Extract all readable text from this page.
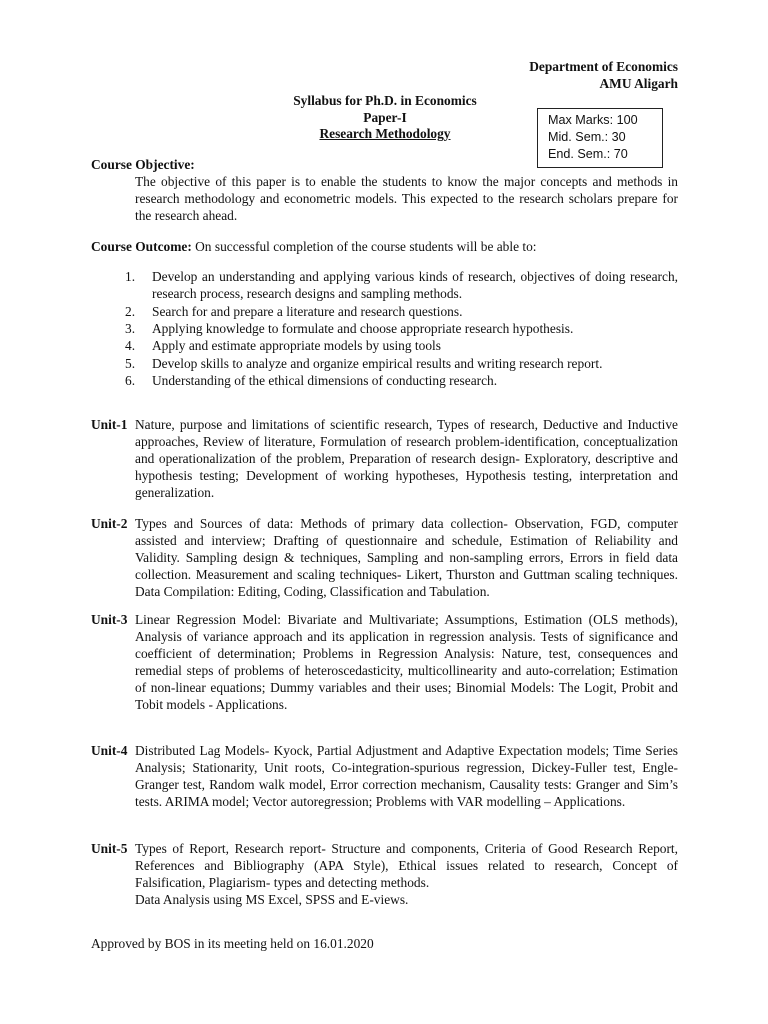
Department of Economics
AMU Aligarh
Syllabus for Ph.D. in Economics
Paper-I
Research Methodology
Max Marks: 100
Mid. Sem.: 30
End. Sem.: 70
Course Objective:
The objective of this paper is to enable the students to know the major concepts and methods in research methodology and econometric models. This expected to the research scholars prepare for the research ahead.
Course Outcome: On successful completion of the course students will be able to:
1.	Develop an understanding and applying various kinds of research, objectives of doing research, research process, research designs and sampling methods.
2.	Search for and prepare a literature and research questions.
3.	Applying knowledge to formulate and choose appropriate research hypothesis.
4.	Apply and estimate appropriate models by using tools
5.	Develop skills to analyze and organize empirical results and writing research report.
6.	Understanding of the ethical dimensions of conducting research.
Unit-1 Nature, purpose and limitations of scientific research, Types of research, Deductive and Inductive approaches, Review of literature, Formulation of research problem-identification, conceptualization and operationalization of the problem, Preparation of research design- Exploratory, descriptive and hypothesis testing; Development of working hypotheses, Hypothesis testing, interpretation and generalization.
Unit-2 Types and Sources of data: Methods of primary data collection- Observation, FGD, computer assisted and interview; Drafting of questionnaire and schedule, Estimation of Reliability and Validity. Sampling design & techniques, Sampling and non-sampling errors, Errors in field data collection. Measurement and scaling techniques- Likert, Thurston and Guttman scaling techniques. Data Compilation: Editing, Coding, Classification and Tabulation.
Unit-3 Linear Regression Model: Bivariate and Multivariate; Assumptions, Estimation (OLS methods), Analysis of variance approach and its application in regression analysis. Tests of significance and coefficient of determination; Problems in Regression Analysis: Nature, test, consequences and remedial steps of problems of heteroscedasticity, multicollinearity and auto-correlation; Estimation of non-linear equations; Dummy variables and their uses; Binomial Models: The Logit, Probit and Tobit models - Applications.
Unit-4 Distributed Lag Models- Kyock, Partial Adjustment and Adaptive Expectation models; Time Series Analysis; Stationarity, Unit roots, Co-integration-spurious regression, Dickey-Fuller test, Engle-Granger test, Random walk model, Error correction mechanism, Causality tests: Granger and Sim’s tests. ARIMA model; Vector autoregression; Problems with VAR modelling – Applications.
Unit-5 Types of Report, Research report- Structure and components, Criteria of Good Research Report, References and Bibliography (APA Style), Ethical issues related to research, Concept of Falsification, Plagiarism- types and detecting methods.
Data Analysis using MS Excel, SPSS and E-views.
Approved by BOS in its meeting held on 16.01.2020
